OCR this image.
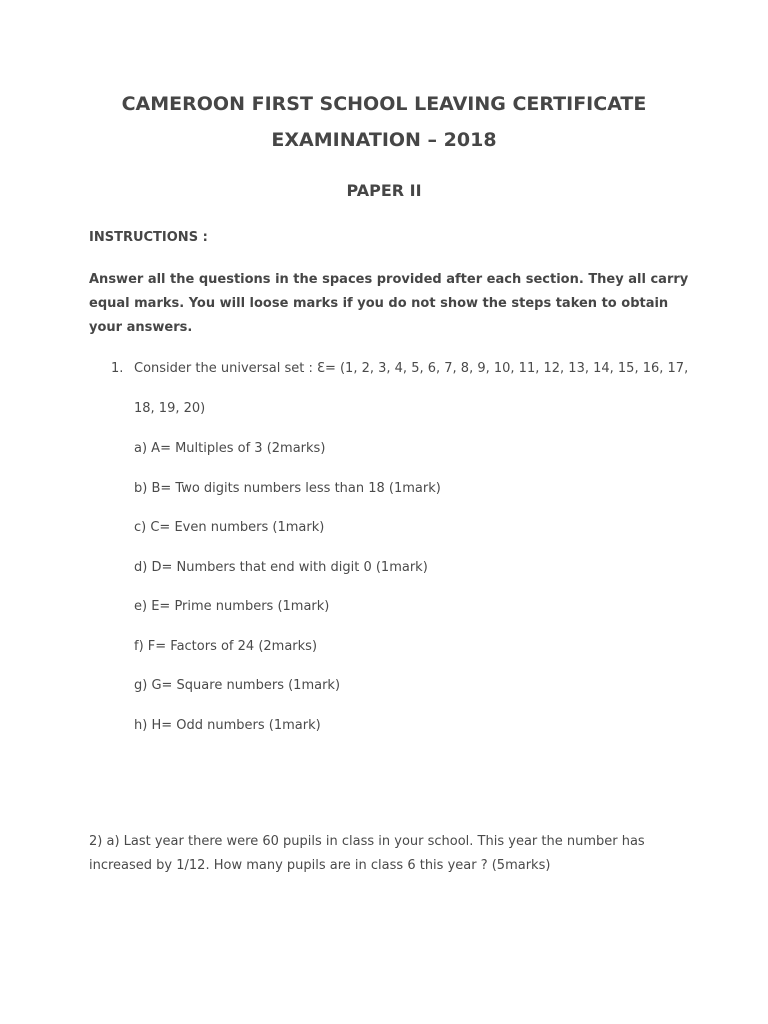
CAMEROON FIRST SCHOOL LEAVING CERTIFICATE EXAMINATION – 2018
PAPER II
INSTRUCTIONS :
Answer all the questions in the spaces provided after each section. They all carry equal marks. You will loose marks if you do not show the steps taken to obtain your answers.
1. Consider the universal set : Ɛ= (1, 2, 3, 4, 5, 6, 7, 8, 9, 10, 11, 12, 13, 14, 15, 16, 17, 18, 19, 20)
a) A= Multiples of 3 (2marks)
b) B= Two digits numbers less than 18 (1mark)
c) C= Even numbers (1mark)
d) D= Numbers that end with digit 0 (1mark)
e) E= Prime numbers (1mark)
f) F= Factors of 24 (2marks)
g) G= Square numbers (1mark)
h) H= Odd numbers (1mark)
2) a) Last year there were 60 pupils in class in your school. This year the number has increased by 1/12. How many pupils are in class 6 this year ? (5marks)
